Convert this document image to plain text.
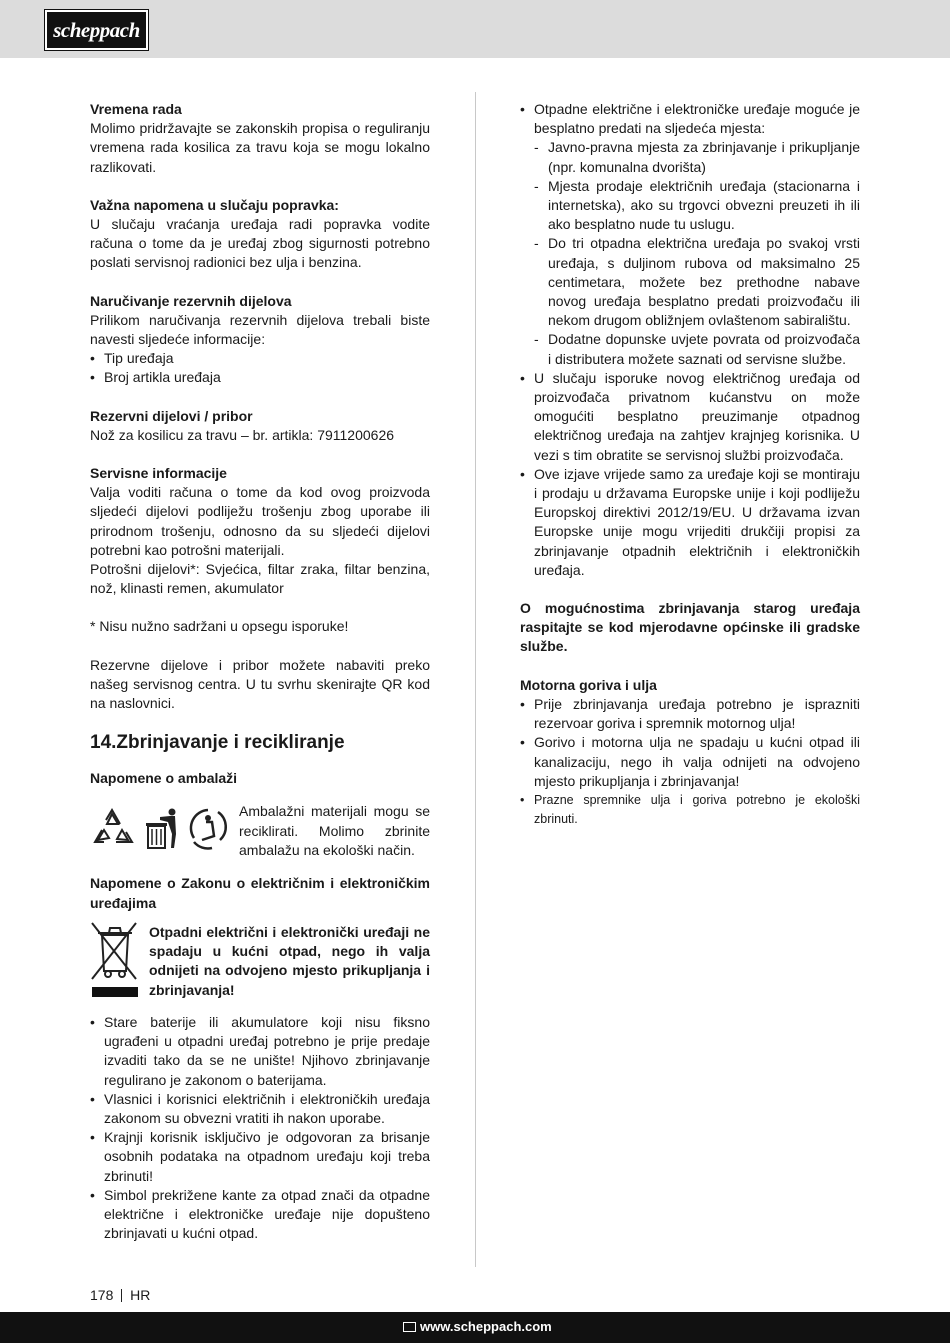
scheppach

Vremena rada

Molimo pridržavajte se zakonskih propisa o reguliranju vremena rada kosilica za travu koja se mogu lokalno razlikovati.

Važna napomena u slučaju popravka:

U slučaju vraćanja uređaja radi popravka vodite računa o tome da je uređaj zbog sigurnosti potrebno poslati servisnoj radionici bez ulja i benzina.

Naručivanje rezervnih dijelova

Prilikom naručivanja rezervnih dijelova trebali biste navesti sljedeće informacije:

• Tip uređaja
• Broj artikla uređaja

Rezervni dijelovi / pribor

Nož za kosilicu za travu – br. artikla: 7911200626

Servisne informacije

Valja voditi računa o tome da kod ovog proizvoda sljedeći dijelovi podliježu trošenju zbog uporabe ili prirodnom trošenju, odnosno da su sljedeći dijelovi potrebni kao potrošni materijali.

Potrošni dijelovi*: Svjećica, filtar zraka, filtar benzina, nož, klinasti remen, akumulator

* Nisu nužno sadržani u opsegu isporuke!

Rezervne dijelove i pribor možete nabaviti preko našeg servisnog centra. U tu svrhu skenirajte QR kod na naslovnici.

14.Zbrinjavanje i recikliranje

Napomene o ambalaži

Ambalažni materijali mogu se reciklirati. Molimo zbrinite ambalažu na ekološki način.

Napomene o Zakonu o električnim i elektroničkim uređajima

Otpadni električni i elektronički uređaji ne spadaju u kućni otpad, nego ih valja odnijeti na odvojeno mjesto prikupljanja i zbrinjavanja!
• Stare baterije ili akumulatore koji nisu fiksno ugrađeni u otpadni uređaj potrebno je prije predaje izvaditi tako da se ne unište! Njihovo zbrinjavanje regulirano je zakonom o baterijama.
• Vlasnici i korisnici električnih i elektroničkih uređaja zakonom su obvezni vratiti ih nakon uporabe.
• Krajnji korisnik isključivo je odgovoran za brisanje osobnih podataka na otpadnom uređaju koji treba zbrinuti!
• Simbol prekrižene kante za otpad znači da otpadne električne i elektroničke uređaje nije dopušteno zbrinjavati u kućni otpad.
• Otpadne električne i elektroničke uređaje moguće je besplatno predati na sljedeća mjesta:
- Javno-pravna mjesta za zbrinjavanje i prikupljanje (npr. komunalna dvorišta)
- Mjesta prodaje električnih uređaja (stacionarna i internetska), ako su trgovci obvezni preuzeti ih ili ako besplatno nude tu uslugu.
- Do tri otpadna električna uređaja po svakoj vrsti uređaja, s duljinom rubova od maksimalno 25 centimetara, možete bez prethodne nabave novog uređaja besplatno predati proizvođaču ili nekom drugom obližnjem ovlaštenom sabiralištu.
- Dodatne dopunske uvjete povrata od proizvođača i distributera možete saznati od servisne službe.
• U slučaju isporuke novog električnog uređaja od proizvođača privatnom kućanstvu on može omogućiti besplatno preuzimanje otpadnog električnog uređaja na zahtjev krajnjeg korisnika. U vezi s tim obratite se servisnoj službi proizvođača.
• Ove izjave vrijede samo za uređaje koji se montiraju i prodaju u državama Europske unije i koji podliježu Europskoj direktivi 2012/19/EU. U državama izvan Europske unije mogu vrijediti drukčiji propisi za zbrinjavanje otpadnih električnih i elektroničkih uređaja.

O mogućnostima zbrinjavanja starog uređaja raspitajte se kod mjerodavne općinske ili gradske službe.

Motorna goriva i ulja

• Prije zbrinjavanja uređaja potrebno je isprazniti rezervoar goriva i spremnik motornog ulja!
• Gorivo i motorna ulja ne spadaju u kućni otpad ili kanalizaciju, nego ih valja odnijeti na odvojeno mjesto prikupljanja i zbrinjavanja!
• Prazne spremnike ulja i goriva potrebno je ekološki zbrinuti.
178 HR
www.scheppach.com
